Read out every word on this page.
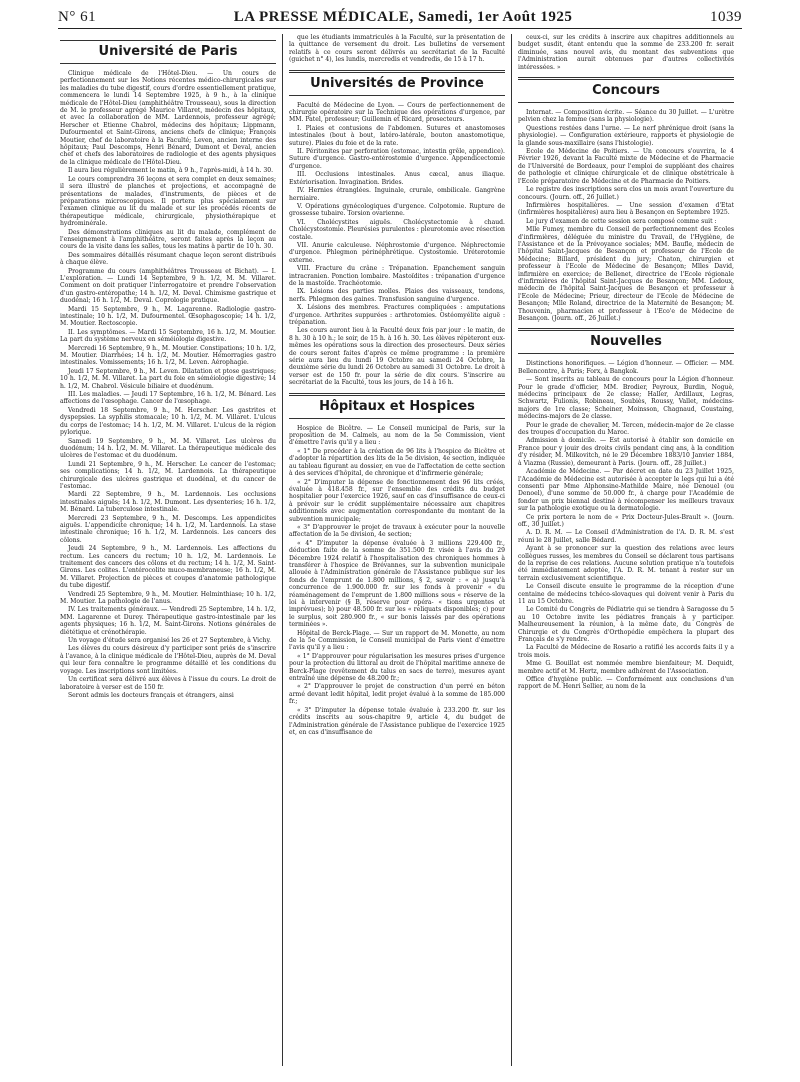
N° 61	LA PRESSE MÉDICALE, Samedi, 1er Août 1925	1039
Université de Paris

Clinique médicale de l'Hôtel-Dieu. — Un cours de perfectionnement sur les Notions récentes médico-chirurgicales sur les maladies du tube digestif, cours d'ordre essentiellement pratique, commencera le lundi 14 Septembre 1925, à 9 h., à la clinique médicale de l'Hôtel-Dieu (amphithéâtre Trousseau), sous la direction de M. le professeur agrégé Maurice Villaret, médecin des hôpitaux, et avec la collaboration de MM. Lardennois, professeur agrégé; Herscher et Etienne Chabrol, médecins des hôpitaux; Lippmann, Dufourmentel et Saint-Girons, anciens chefs de clinique; François Moutier, chef de laboratoire à la Faculté; Leven, ancien interne des hôpitaux; Paul Descomps, Henri Bénard, Dumont et Deval, ancien chef et chefs des laboratoires de radiologie et des agents physiques de la clinique médicale de l'Hôtel-Dieu.

Il aura lieu régulièrement le matin, à 9 h., l'après-midi, à 14 h. 30.

Le cours comprendra 36 leçons et sera complet en deux semaines; il sera illustré de planches et projections, et accompagné de présentations de malades, d'instruments, de pièces et de préparations microscopiques. Il portera plus spécialement sur l'examen clinique au lit du malade et sur les procédés récents de thérapeutique médicale, chirurgicale, physiothérapique et hydrominérale.

Des démonstrations cliniques au lit du malade, complément de l'enseignement à l'amphithéâtre, seront faites après la leçon au cours de la visite dans les salles, tous les matins à partir de 10 h. 30.

Des sommaires détaillés résumant chaque leçon seront distribués à chaque élève.

Programme du cours (amphithéâtres Trousseau et Bichat). — I. L'exploration. — Lundi 14 Septembre, 9 h. 1/2, M. M. Villaret. Comment on doit pratiquer l'interrogatoire et prendre l'observation d'un gastro-entéropathe; 14 h. 1/2, M. Deval. Chimisme gastrique et duodénal; 16 h. 1/2, M. Deval. Coprologie pratique.

Mardi 15 Septembre, 9 h., M. Lagarenne. Radiologie gastro-intestinale; 10 h. 1/2, M. Dufourmentel. Œsophagoscopie; 14 h. 1/2, M. Moutier. Rectoscopie.

II. Les symptômes. — Mardi 15 Septembre, 16 h. 1/2, M. Moutier. La part du système nerveux en séméiologie digestive.

Mercredi 16 Septembre, 9 h., M. Moutier. Constipations; 10 h. 1/2, M. Moutier. Diarrhées; 14 h. 1/2, M. Moutier. Hémorragies gastro intestinales. Vomissements; 16 h. 1/2, M. Leven. Aérophagie.

Jeudi 17 Septembre, 9 h., M. Leven. Dilatation et ptose gastriques; 10 h. 1/2, M. M. Villaret. La part du foie en séméiologie digestive; 14 h. 1/2, M. Chabrol. Vésicule biliaire et duodénum.

III. Les maladies. — Jeudi 17 Septembre, 16 h. 1/2, M. Bénard. Les affections de l'œsophage. Cancer de l'œsophage.

Vendredi 18 Septembre, 9 h., M. Herscher. Les gastrites et dyspepsies. La syphilis stomacale; 10 h. 1/2, M. M. Villaret. L'ulcus du corps de l'estomac; 14 h. 1/2, M. M. Villaret. L'ulcus de la région pylorique.

Samedi 19 Septembre, 9 h., M. M. Villaret. Les ulcères du duodénum; 14 h. 1/2, M. M. Villaret. La thérapeutique médicale des ulcères de l'estomac et du duodénum.

Lundi 21 Septembre, 9 h., M. Herscher. Le cancer de l'estomac; ses complications; 14 h. 1/2, M. Lardennois. La thérapeutique chirurgicale des ulcères gastrique et duodénal, et du cancer de l'estomac.

Mardi 22 Septembre, 9 h., M. Lardennois. Les occlusions intestinales aiguës; 14 h. 1/2, M. Dumont. Les dysenteries; 16 h. 1/2, M. Bénard. La tuberculose intestinale.

Mercredi 23 Septembre, 9 h., M. Descomps. Les appendicites aiguës. L'appendicite chronique; 14 h. 1/2, M. Lardennois. La stase intestinale chronique; 16 h. 1/2, M. Lardennois. Les cancers des côlons.

Jeudi 24 Septembre, 9 h., M. Lardennois. Les affections du rectum. Les cancers du rectum; 10 h. 1/2, M. Lardennois. Le traitement des cancers des côlons et du rectum; 14 h. 1/2, M. Saint-Girons. Les colites. L'entérocolite muco-membraneuse; 16 h. 1/2, M. M. Villaret. Projection de pièces et coupes d'anatomie pathologique du tube digestif.

Vendredi 25 Septembre, 9 h., M. Moutier. Helminthiase; 10 h. 1/2, M. Moutier. La pathologie de l'anus.

IV. Les traitements généraux. — Vendredi 25 Septembre, 14 h. 1/2, MM. Lagarenne et Durey. Thérapeutique gastro-intestinale par les agents physiques; 16 h. 1/2, M. Saint-Girons. Notions générales de diététique et crénothérapie.

Un voyage d'étude sera organisé les 26 et 27 Septembre, à Vichy.

Les élèves du cours désireux d'y participer sont priés de s'inscrire à l'avance, à la clinique médicale de l'Hôtel-Dieu, auprès de M. Deval qui leur fera connaître le programme détaillé et les conditions du voyage. Les inscriptions sont limitées.

Un certificat sera délivré aux élèves à l'issue du cours. Le droit de laboratoire à verser est de 150 fr.

Seront admis les docteurs français et étrangers, ainsi

que les étudiants immatriculés à la Faculté, sur la présentation de la quittance de versement du droit. Les bulletins de versement relatifs à ce cours seront délivrés au secrétariat de la Faculté (guichet n° 4), les lundis, mercredis et vendredis, de 15 à 17 h.

Universités de Province

Faculté de Médecine de Lyon. — Cours de perfectionnement de chirurgie opératoire sur la Technique des opérations d'urgence, par MM. Patel, professeur; Guillemin et Ricard, prosecteurs.

I. Plaies et contusions de l'abdomen. Sutures et anastomoses intestinales (bout à bout, latéro-latérale, bouton anastomotique, suture). Plaies du foie et de la rate.

II. Péritonites par perforation (estomac, intestin grêle, appendice). Suture d'urgence. Gastro-entérostomie d'urgence. Appendicectomie d'urgence.

III. Occlusions intestinales. Anus cæcal, anus iliaque. Extériorisation. Invagination. Brides.

IV. Hernies étranglées. Inguinale, crurale, ombilicale. Gangrène herniaire.

V. Opérations gynécologiques d'urgence. Colpotomie. Rupture de grossesse tubaire. Torsion ovarienne.

VI. Cholécystites aiguës. Cholécystectomie à chaud. Cholécystostomie. Pleurésies purulentes : pleurotomie avec résection costale.

VII. Anurie calculeuse. Néphrostomie d'urgence. Néphrectomie d'urgence. Phlegmon périnéphrétique. Cystostomie. Uréterotomie externe.

VIII. Fracture du crâne : Trépanation. Epanchement sanguin intracranien. Ponction lombaire. Mastoïdites : trépanation d'urgence de la mastoïde. Trachéotomie.

IX. Lésions des parties molles. Plaies des vaisseaux, tendons, nerfs. Phlegmon des gaines. Transfusion sanguine d'urgence.

X. Lésions des membres. Fractures compliquées : amputations d'urgence. Arthrites suppurées : arthrotomies. Ostéomyélite aiguë : trépanation.

Les cours auront lieu à la Faculté deux fois par jour : le matin, de 8 h. 30 à 10 h.; le soir, de 15 h. à 16 h. 30. Les élèves répèteront eux-mêmes les opérations sous la direction des prosecteurs. Deux séries de cours seront faites d'après ce même programme : la première série aura lieu du lundi 19 Octobre au samedi 24 Octobre, la deuxième série du lundi 26 Octobre au samedi 31 Octobre. Le droit à verser est de 150 fr. pour la série de dix cours. S'inscrire au secrétariat de la Faculté, tous les jours, de 14 à 16 h.

Hôpitaux et Hospices

Hospice de Bicêtre. — Le Conseil municipal de Paris, sur la proposition de M. Calmels, au nom de la 5e Commission, vient d'émettre l'avis qu'il y a lieu :

« 1° De procéder à la création de 96 lits à l'hospice de Bicêtre et d'adopter la répartition des lits de la 5e division, 4e section, indiquée au tableau figurant au dossier, en vue de l'affectation de cette section à des services d'hôpital, de chronique et d'infirmerie générale;

« 2° D'imputer la dépense de fonctionnement des 96 lits créés, évaluée à 418.458 fr., sur l'ensemble des crédits du budget hospitalier pour l'exercice 1926, sauf en cas d'insuffisance de ceux-ci à prévoir sur le crédit supplémentaire nécessaire aux chapitres additionnels avec augmentation correspondante du montant de la subvention municipale;

« 3° D'approuver le projet de travaux à exécuter pour la nouvelle affectation de la 5e division, 4e section;

« 4° D'imputer la dépense évaluée à 3 millions 229.400 fr., déduction faite de la somme de 351.500 fr. visée à l'avis du 29 Décembre 1924 relatif à l'hospitalisation des chroniques hommes à transférer à l'hospice de Brévannes, sur la subvention municipale allouée à l'Administration générale de l'Assistance publique sur les fonds de l'emprunt de 1.800 millions, § 2, savoir : « a) jusqu'à concurrence de 1.900.000 fr. sur les fonds à provenir « du réaménagement de l'emprunt de 1.800 millions sous « réserve de la loi à intervenir (§ B, réserve pour opéra- « tions urgentes et imprévues); b) pour 48.500 fr. sur les « reliquats disponibles; c) pour le surplus, soit 280.900 fr., « sur bonis laissés par des opérations terminées ».

Hôpital de Berck-Plage. — Sur un rapport de M. Monette, au nom de la 5e Commission, le Conseil municipal de Paris vient d'émettre l'avis qu'il y a lieu :

« 1° D'approuver pour régularisation les mesures prises d'urgence pour la protection du littoral au droit de l'hôpital maritime annexe de Berck-Plage (revêtement du talus en sacs de terre), mesures ayant entraîné une dépense de 48.200 fr.;

« 2° D'approuver le projet de construction d'un perré en béton armé devant ledit hôpital, ledit projet évalué à la somme de 185.000 fr.;

« 3° D'imputer la dépense totale évaluée à 233.200 fr. sur les crédits inscrits au sous-chapitre 9, article 4, du budget de l'Administration générale de l'Assistance publique de l'exercice 1925 et, en cas d'insuffisance de

ceux-ci, sur les crédits à inscrire aux chapitres additionnels au budget susdit, étant entendu que la somme de 233.200 fr. serait diminuée, sans nouvel avis, du montant des subventions que l'Administration aurait obtenues par d'autres collectivités intéressées. »

Concours

Internat. — Composition écrite. — Séance du 30 Juillet. — L'urètre pelvien chez la femme (sans la physiologie).

Questions restées dans l'urne. — Le nerf phrénique droit (sans la physiologie). — Configuration extérieure, rapports et physiologie de la glande sous-maxillaire (sans l'histologie).

Ecole de Médecine de Poitiers. — Un concours s'ouvrira, le 4 Février 1926, devant la Faculté mixte de Médecine et de Pharmacie de l'Université de Bordeaux, pour l'emploi de suppléant des chaires de pathologie et clinique chirurgicale et de clinique obstétricale à l'Ecole préparatoire de Médecine et de Pharmacie de Poitiers.

Le registre des inscriptions sera clos un mois avant l'ouverture du concours. (Journ. off., 26 Juillet.)

Infirmières hospitalières. — Une session d'examen d'Etat (infirmières hospitalières) aura lieu à Besançon en Septembre 1925.

Le jury d'examen de cette session sera composé comme suit :

Mlle Fumey, membre du Conseil de perfectionnement des Ecoles d'infirmières, déléguée du ministre du Travail, de l'Hygiène, de l'Assistance et de la Prévoyance sociales; MM. Baufle, médecin de l'hôpital Saint-Jacques de Besançon et professeur de l'Ecole de Médecine; Billard, président du jury; Chaton, chirurgien et professeur à l'Ecole de Médecine de Besançon; Mlles David, infirmière en exercice; de Bellenet, directrice de l'Ecole régionale d'infirmières de l'hôpital Saint-Jacques de Besançon; MM. Ledoux, médecin de l'hôpital Saint-Jacques de Besançon et professeur à l'Ecole de Médecine; Prieur, directeur de l'Ecole de Médecine de Besançon; Mlle Roland, directrice de la Maternité de Besançon; M. Thouvenin, pharmacien et professeur à l'Eco'e de Médecine de Besançon. (Journ. off., 26 Juillet.)

Nouvelles

Distinctions honorifiques. — Légion d'honneur. — Officier. — MM. Bellencontre, à Paris; Forx, à Bangkok.

— Sont inscrits au tableau de concours pour la Légion d'honneur. Pour le grade d'officier, MM. Brodier, Peyroux, Burdin, Noguè, médecins principaux de 2e classe; Haller, Ardillaux, Legras, Schwartz, Fulionis, Robineau, Soubiès, Roussy, Vallet, médecins-majors de 1re classe; Scheiner, Moinsson, Chagnaud, Coustaing, médecins-majors de 2e classe.

Pour le grade de chevalier, M. Tercen, médecin-major de 2e classe des troupes d'occupation du Maroc.

Admission à domicile. — Est autorisé à établir son domicile en France pour y jouir des droits civils pendant cinq ans, à la condition d'y résider, M. Milkovitch, né le 29 Décembre 1883/10 Janvier 1884, à Viazma (Russie), demeurant à Paris. (Journ. off., 28 Juillet.)

Académie de Médecine. — Par décret en date du 23 Juillet 1925, l'Académie de Médecine est autorisée à accepter le legs qui lui a été consenti par Mme Alphonsine-Mathilde Maire, née Denouel (ou Denoel), d'une somme de 50.000 fr., à charge pour l'Académie de fonder un prix biennal destiné à récompenser les meilleurs travaux sur la pathologie exotique ou la dermatologie.

Ce prix portera le nom de « Prix Docteur-Jules-Brault ». (Journ. off., 30 Juillet.)

A. D. R. M. — Le Conseil d'Administration de l'A. D. R. M. s'est réuni le 28 Juillet, salle Bédard.

Ayant à se prononcer sur la question des relations avec leurs collègues russes, les membres du Conseil se déclarent tous partisans de la reprise de ces relations. Aucune solution pratique n'a toutefois été immédiatement adoptée, l'A. D. R. M. tenant à rester sur un terrain exclusivement scientifique.

Le Conseil discute ensuite le programme de la réception d'une centaine de médecins tchéco-slovaques qui doivent venir à Paris du 11 au 15 Octobre.

Le Comité du Congrès de Pédiatrie qui se tiendra à Saragosse du 5 au 10 Octobre invite les pédiatres français à y participer. Malheureusement la réunion, à la même date, du Congrès de Chirurgie et du Congrès d'Orthopédie empêchera la plupart des Français de s'y rendre.

La Faculté de Médecine de Rosario a ratifié les accords faits il y a trois mois.

Mme G. Bouillat est nommée membre bienfaiteur; M. Dequidt, membre actif et M. Hertz, membre adhérent de l'Association.

Office d'hygiène public. — Conformément aux conclusions d'un rapport de M. Henri Sellier, au nom de la
